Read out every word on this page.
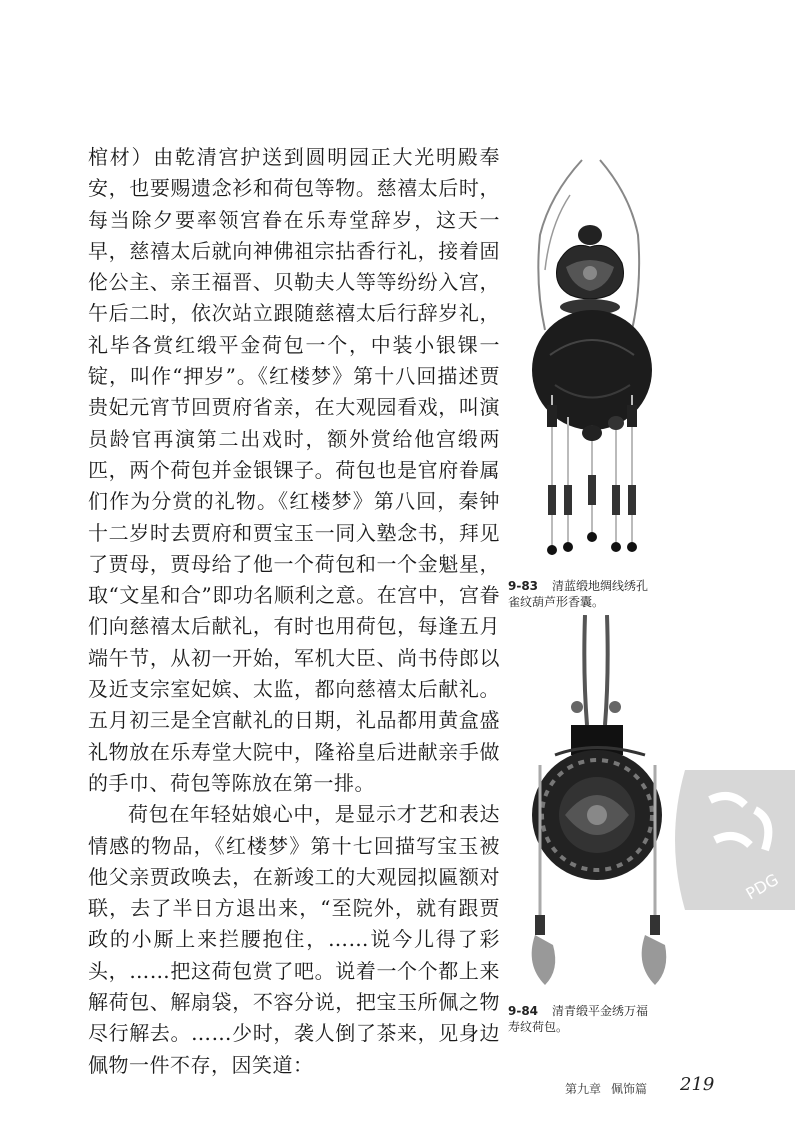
棺材）由乾清宫护送到圆明园正大光明殿奉安，也要赐遗念衫和荷包等物。慈禧太后时，每当除夕要率领宫眷在乐寿堂辞岁，这天一早，慈禧太后就向神佛祖宗拈香行礼，接着固伦公主、亲王福晋、贝勒夫人等等纷纷入宫，午后二时，依次站立跟随慈禧太后行辞岁礼，礼毕各赏红缎平金荷包一个，中装小银锞一锭，叫作“押岁”。《红楼梦》第十八回描述贾贵妃元宵节回贾府省亲，在大观园看戏，叫演员龄官再演第二出戏时，额外赏给他宫缎两匹，两个荷包并金银锞子。荷包也是官府眷属们作为分赏的礼物。《红楼梦》第八回，秦钟十二岁时去贾府和贾宝玉一同入塾念书，拜见了贾母，贾母给了他一个荷包和一个金魁星，取“文星和合”即功名顺利之意。在宫中，宫眷们向慈禧太后献礼，有时也用荷包，每逢五月端午节，从初一开始，军机大臣、尚书侍郎以及近支宗室妃嫔、太监，都向慈禧太后献礼。五月初三是全宫献礼的日期，礼品都用黄盒盛礼物放在乐寿堂大院中，隆裕皇后进献亲手做的手巾、荷包等陈放在第一排。

荷包在年轻姑娘心中，是显示才艺和表达情感的物品，《红楼梦》第十七回描写宝玉被他父亲贾政唤去，在新竣工的大观园拟匾额对联，去了半日方退出来，“至院外，就有跟贾政的小厮上来拦腰抱住，……说今儿得了彩头，……把这荷包赏了吧。说着一个个都上来解荷包、解扇袋，不容分说，把宝玉所佩之物尽行解去。……少时，袭人倒了茶来，见身边佩物一件不存，因笑道：

9-83 清蓝缎地绸线绣孔雀纹葫芦形香囊。
9-84 清青缎平金绣万福寿纹荷包。
PDG
第九章 佩饰篇 219
